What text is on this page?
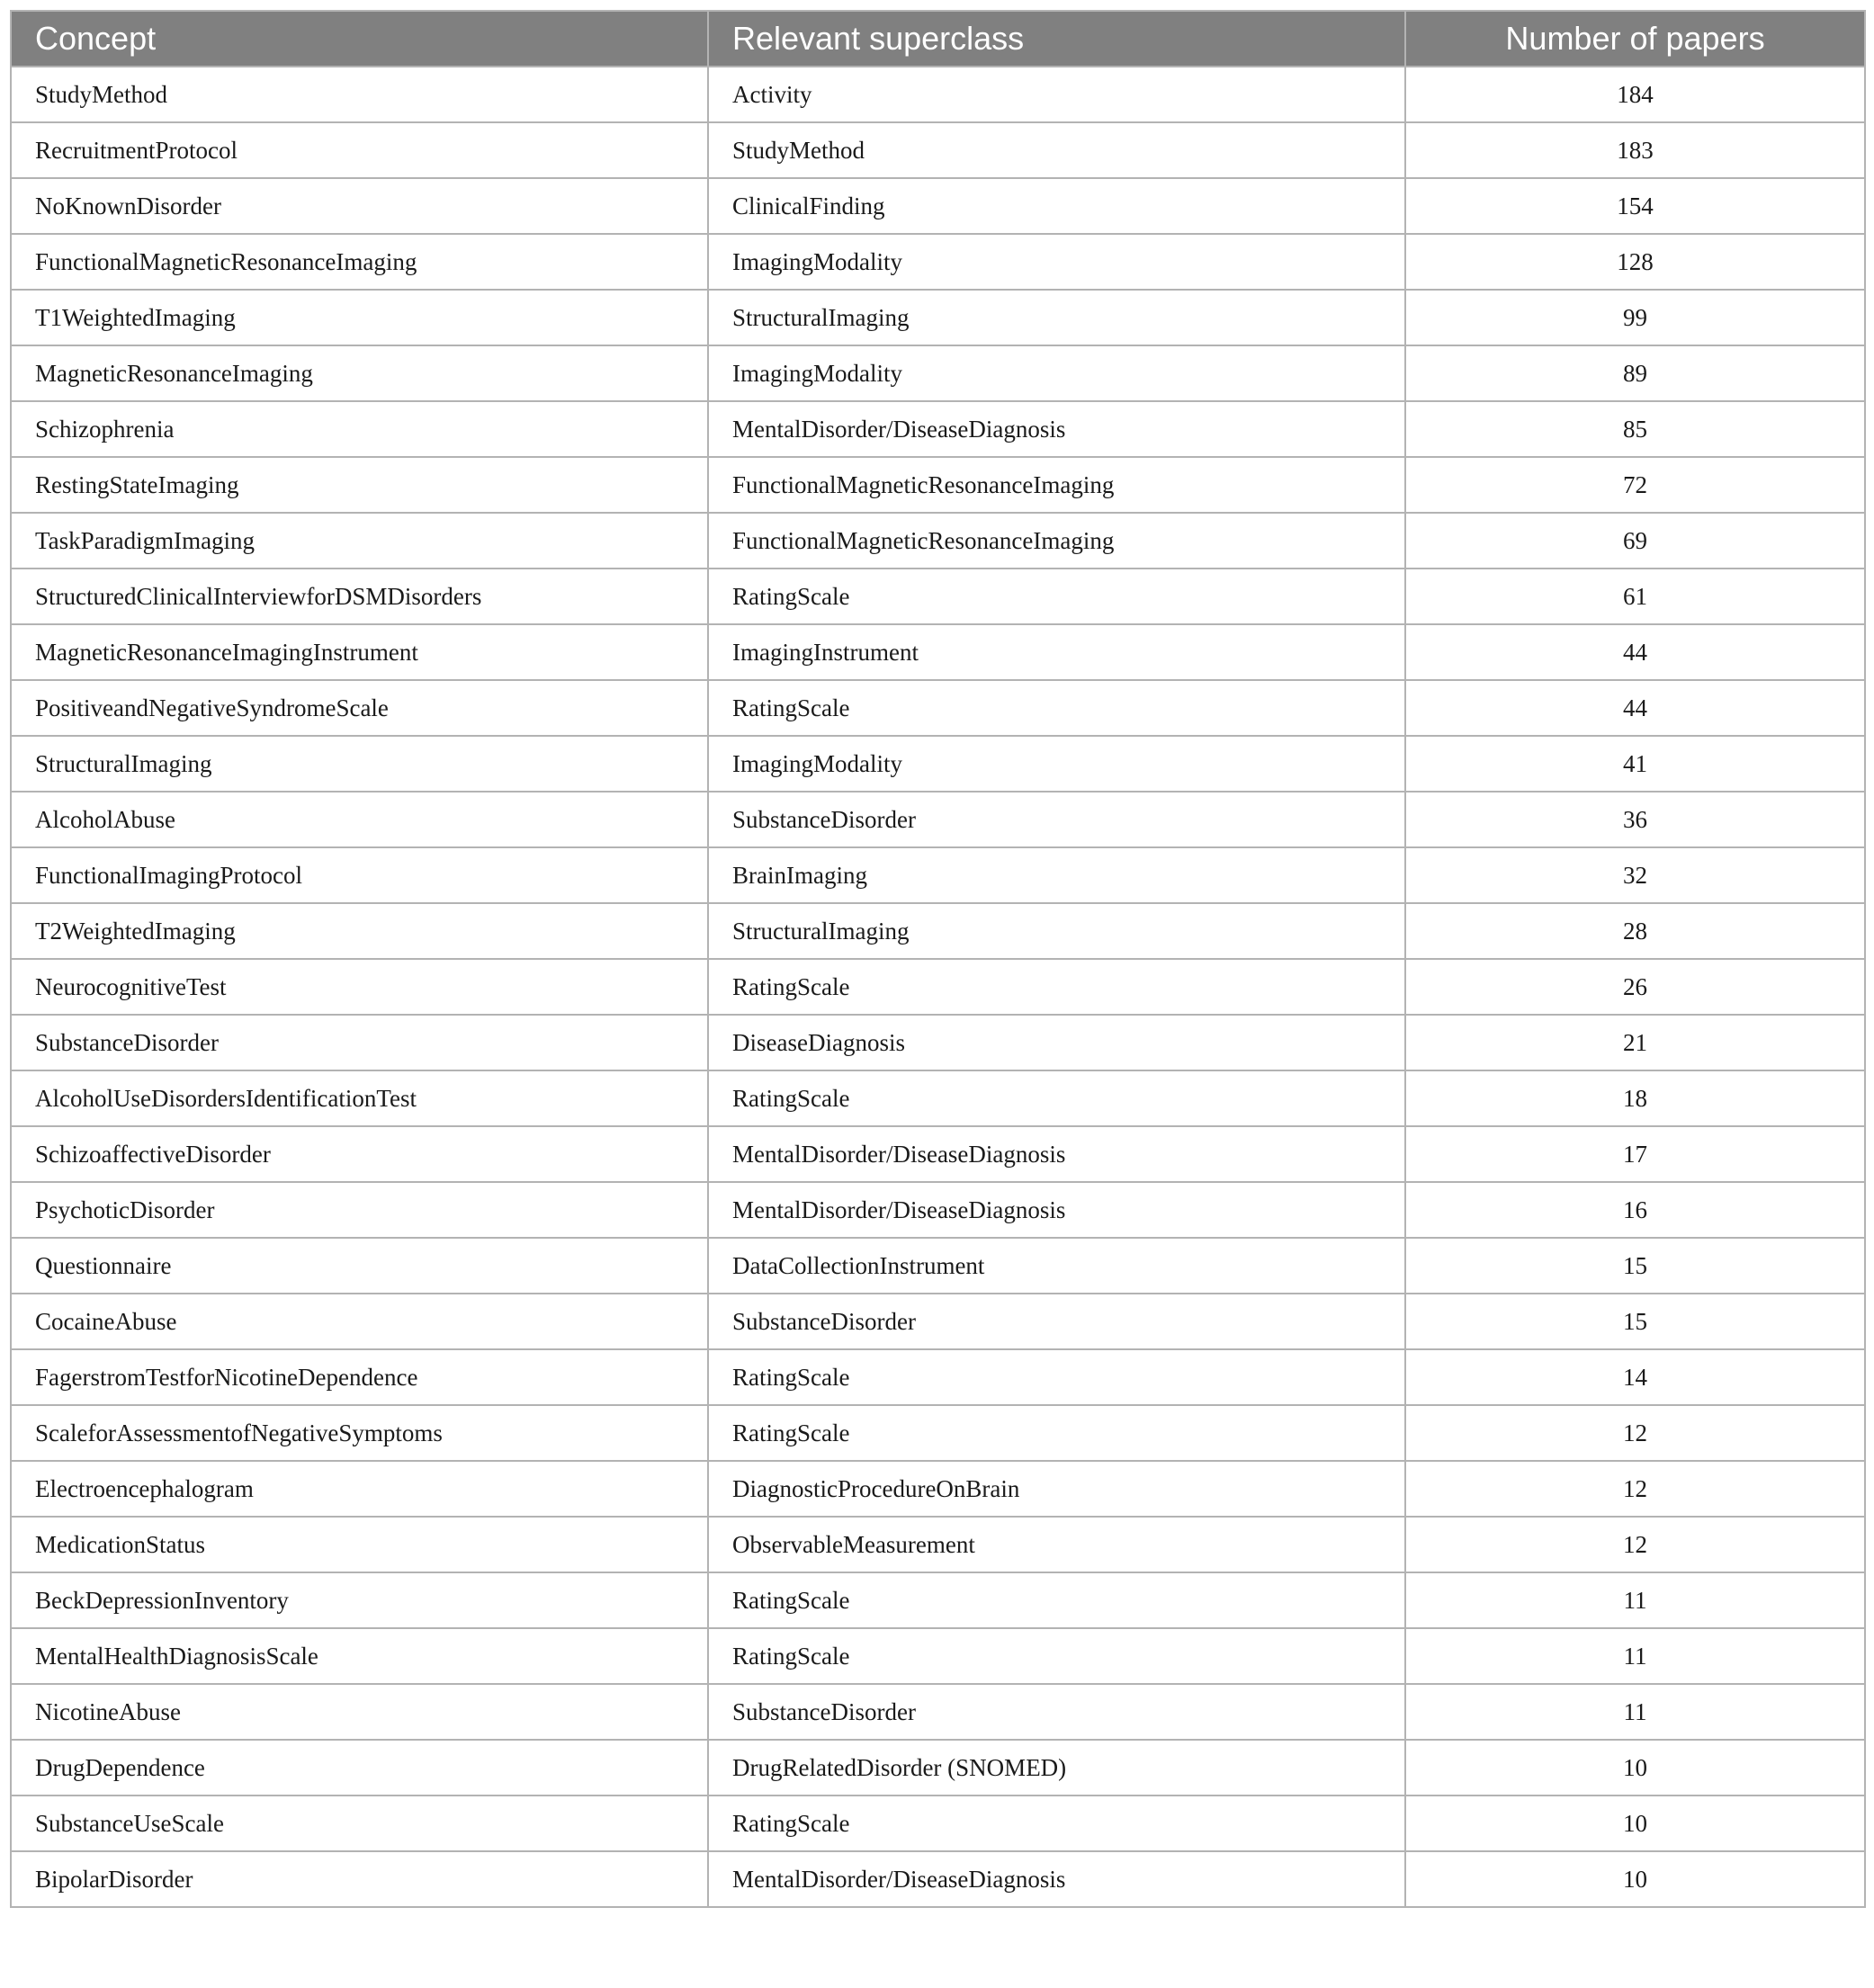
Concept	Relevant superclass	Number of papers
StudyMethod	Activity	184
RecruitmentProtocol	StudyMethod	183
NoKnownDisorder	ClinicalFinding	154
FunctionalMagneticResonanceImaging	ImagingModality	128
T1WeightedImaging	StructuralImaging	99
MagneticResonanceImaging	ImagingModality	89
Schizophrenia	MentalDisorder/DiseaseDiagnosis	85
RestingStateImaging	FunctionalMagneticResonanceImaging	72
TaskParadigmImaging	FunctionalMagneticResonanceImaging	69
StructuredClinicalInterviewforDSMDisorders	RatingScale	61
MagneticResonanceImagingInstrument	ImagingInstrument	44
PositiveandNegativeSyndromeScale	RatingScale	44
StructuralImaging	ImagingModality	41
AlcoholAbuse	SubstanceDisorder	36
FunctionalImagingProtocol	BrainImaging	32
T2WeightedImaging	StructuralImaging	28
NeurocognitiveTest	RatingScale	26
SubstanceDisorder	DiseaseDiagnosis	21
AlcoholUseDisordersIdentificationTest	RatingScale	18
SchizoaffectiveDisorder	MentalDisorder/DiseaseDiagnosis	17
PsychoticDisorder	MentalDisorder/DiseaseDiagnosis	16
Questionnaire	DataCollectionInstrument	15
CocaineAbuse	SubstanceDisorder	15
FagerstromTestforNicotineDependence	RatingScale	14
ScaleforAssessmentofNegativeSymptoms	RatingScale	12
Electroencephalogram	DiagnosticProcedureOnBrain	12
MedicationStatus	ObservableMeasurement	12
BeckDepressionInventory	RatingScale	11
MentalHealthDiagnosisScale	RatingScale	11
NicotineAbuse	SubstanceDisorder	11
DrugDependence	DrugRelatedDisorder (SNOMED)	10
SubstanceUseScale	RatingScale	10
BipolarDisorder	MentalDisorder/DiseaseDiagnosis	10
